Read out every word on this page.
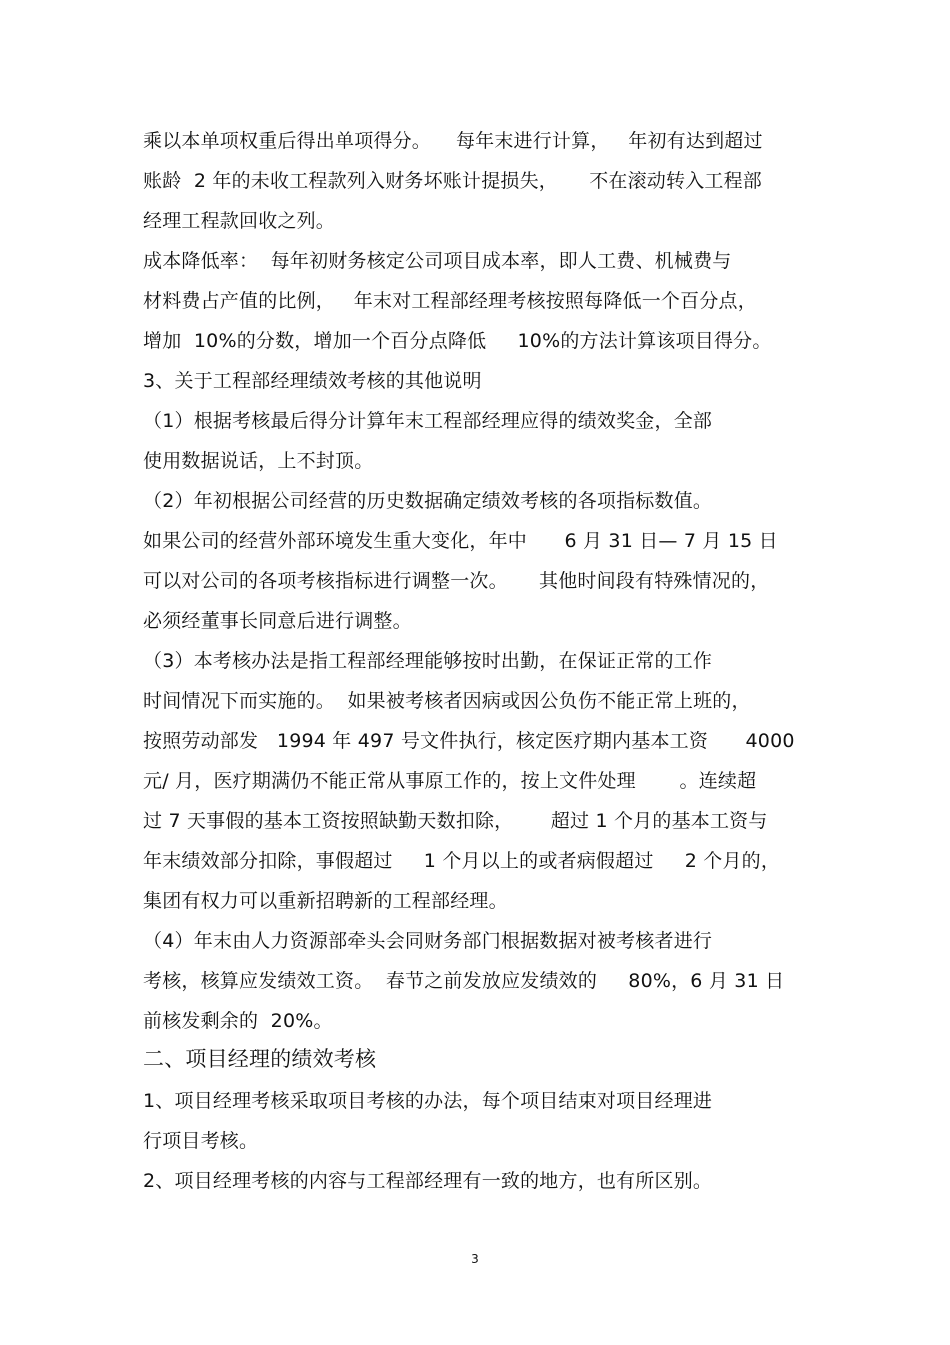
乘以本单项权重后得出单项得分。    每年末进行计算，   年初有达到超过
账龄  2 年的未收工程款列入财务坏账计提损失，     不在滚动转入工程部
经理工程款回收之列。
成本降低率：  每年初财务核定公司项目成本率，即人工费、机械费与
材料费占产值的比例，   年末对工程部经理考核按照每降低一个百分点，
增加  10%的分数，增加一个百分点降低     10%的方法计算该项目得分。
3、关于工程部经理绩效考核的其他说明
（1）根据考核最后得分计算年末工程部经理应得的绩效奖金，全部
使用数据说话，上不封顶。
（2）年初根据公司经营的历史数据确定绩效考核的各项指标数值。
如果公司的经营外部环境发生重大变化，年中      6 月 31 日— 7 月 15 日
可以对公司的各项考核指标进行调整一次。     其他时间段有特殊情况的，
必须经董事长同意后进行调整。
（3）本考核办法是指工程部经理能够按时出勤，在保证正常的工作
时间情况下而实施的。  如果被考核者因病或因公负伤不能正常上班的，
按照劳动部发   1994 年 497 号文件执行，核定医疗期内基本工资      4000
元/ 月，医疗期满仍不能正常从事原工作的，按上文件处理       。连续超
过 7 天事假的基本工资按照缺勤天数扣除，      超过 1 个月的基本工资与
年末绩效部分扣除，事假超过     1 个月以上的或者病假超过     2 个月的，
集团有权力可以重新招聘新的工程部经理。
（4）年末由人力资源部牵头会同财务部门根据数据对被考核者进行
考核，核算应发绩效工资。  春节之前发放应发绩效的     80%，6 月 31 日
前核发剩余的  20%。
二、项目经理的绩效考核
1、项目经理考核采取项目考核的办法，每个项目结束对项目经理进
行项目考核。
2、项目经理考核的内容与工程部经理有一致的地方，也有所区别。
3
